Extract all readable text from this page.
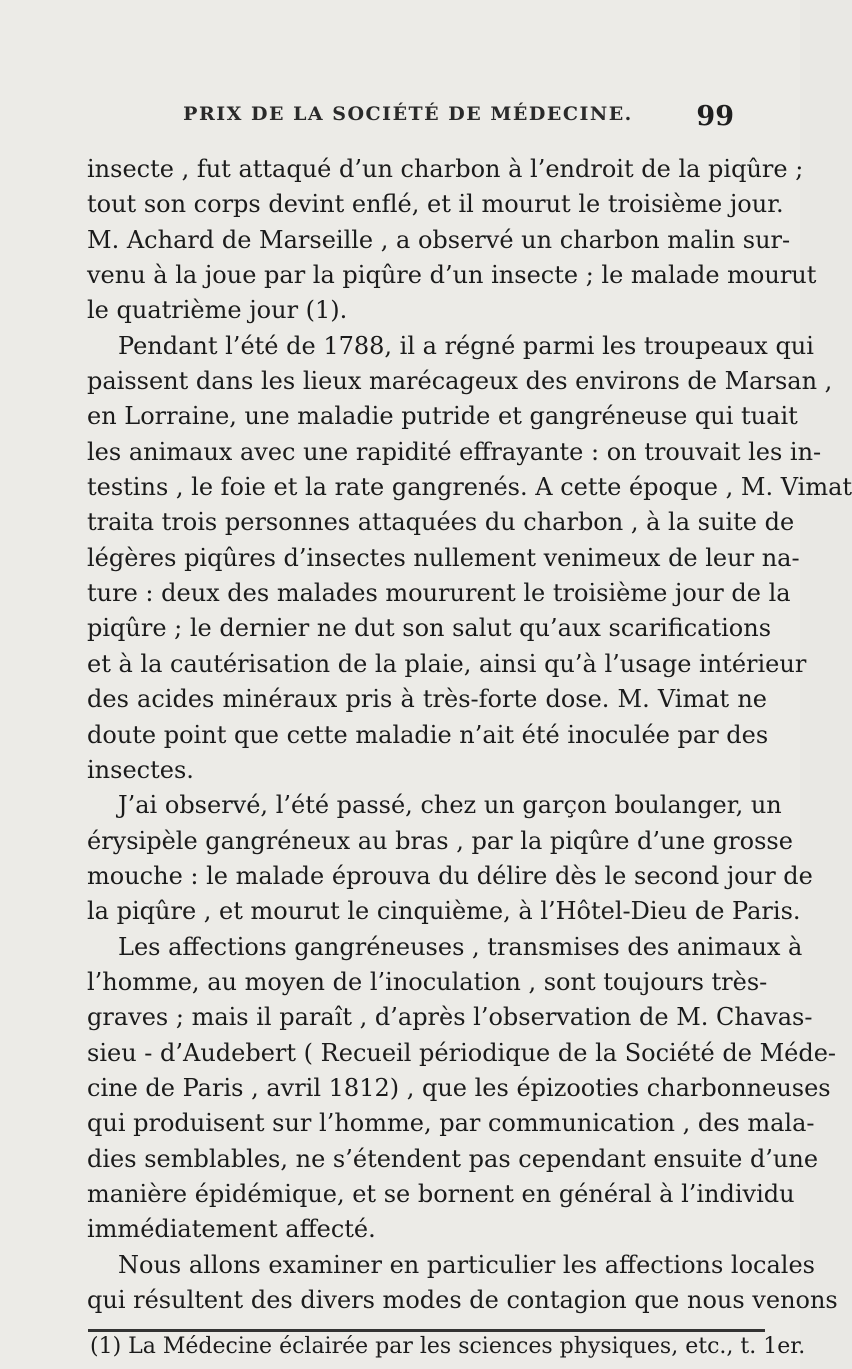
PRIX DE LA SOCIÉTÉ DE MÉDECINE.	99
insecte , fut attaqué d’un charbon à l’endroit de la piqûre ;
tout son corps devint enflé, et il mourut le troisième jour.
M. Achard de Marseille , a observé un charbon malin sur-
venu à la joue par la piqûre d’un insecte ; le malade mourut
le quatrième jour (1).
Pendant l’été de 1788, il a régné parmi les troupeaux qui
paissent dans les lieux marécageux des environs de Marsan ,
en Lorraine, une maladie putride et gangréneuse qui tuait
les animaux avec une rapidité effrayante : on trouvait les in-
testins , le foie et la rate gangrenés. A cette époque , M. Vimat
traita trois personnes attaquées du charbon , à la suite de
légères piqûres d’insectes nullement venimeux de leur na-
ture : deux des malades moururent le troisième jour de la
piqûre ; le dernier ne dut son salut qu’aux scarifications
et à la cautérisation de la plaie, ainsi qu’à l’usage intérieur
des acides minéraux pris à très-forte dose. M. Vimat ne
doute point que cette maladie n’ait été inoculée par des
insectes.
J’ai observé, l’été passé, chez un garçon boulanger, un
érysipèle gangréneux au bras , par la piqûre d’une grosse
mouche : le malade éprouva du délire dès le second jour de
la piqûre , et mourut le cinquième, à l’Hôtel-Dieu de Paris.
Les affections gangréneuses , transmises des animaux à
l’homme, au moyen de l’inoculation , sont toujours très-
graves ; mais il paraît , d’après l’observation de M. Chavas-
sieu - d’Audebert ( Recueil périodique de la Société de Méde-
cine de Paris , avril 1812) , que les épizooties charbonneuses
qui produisent sur l’homme, par communication , des mala-
dies semblables, ne s’étendent pas cependant ensuite d’une
manière épidémique, et se bornent en général à l’individu
immédiatement affecté.
Nous allons examiner en particulier les affections locales
qui résultent des divers modes de contagion que nous venons
(1) La Médecine éclairée par les sciences physiques, etc., t. 1er.
